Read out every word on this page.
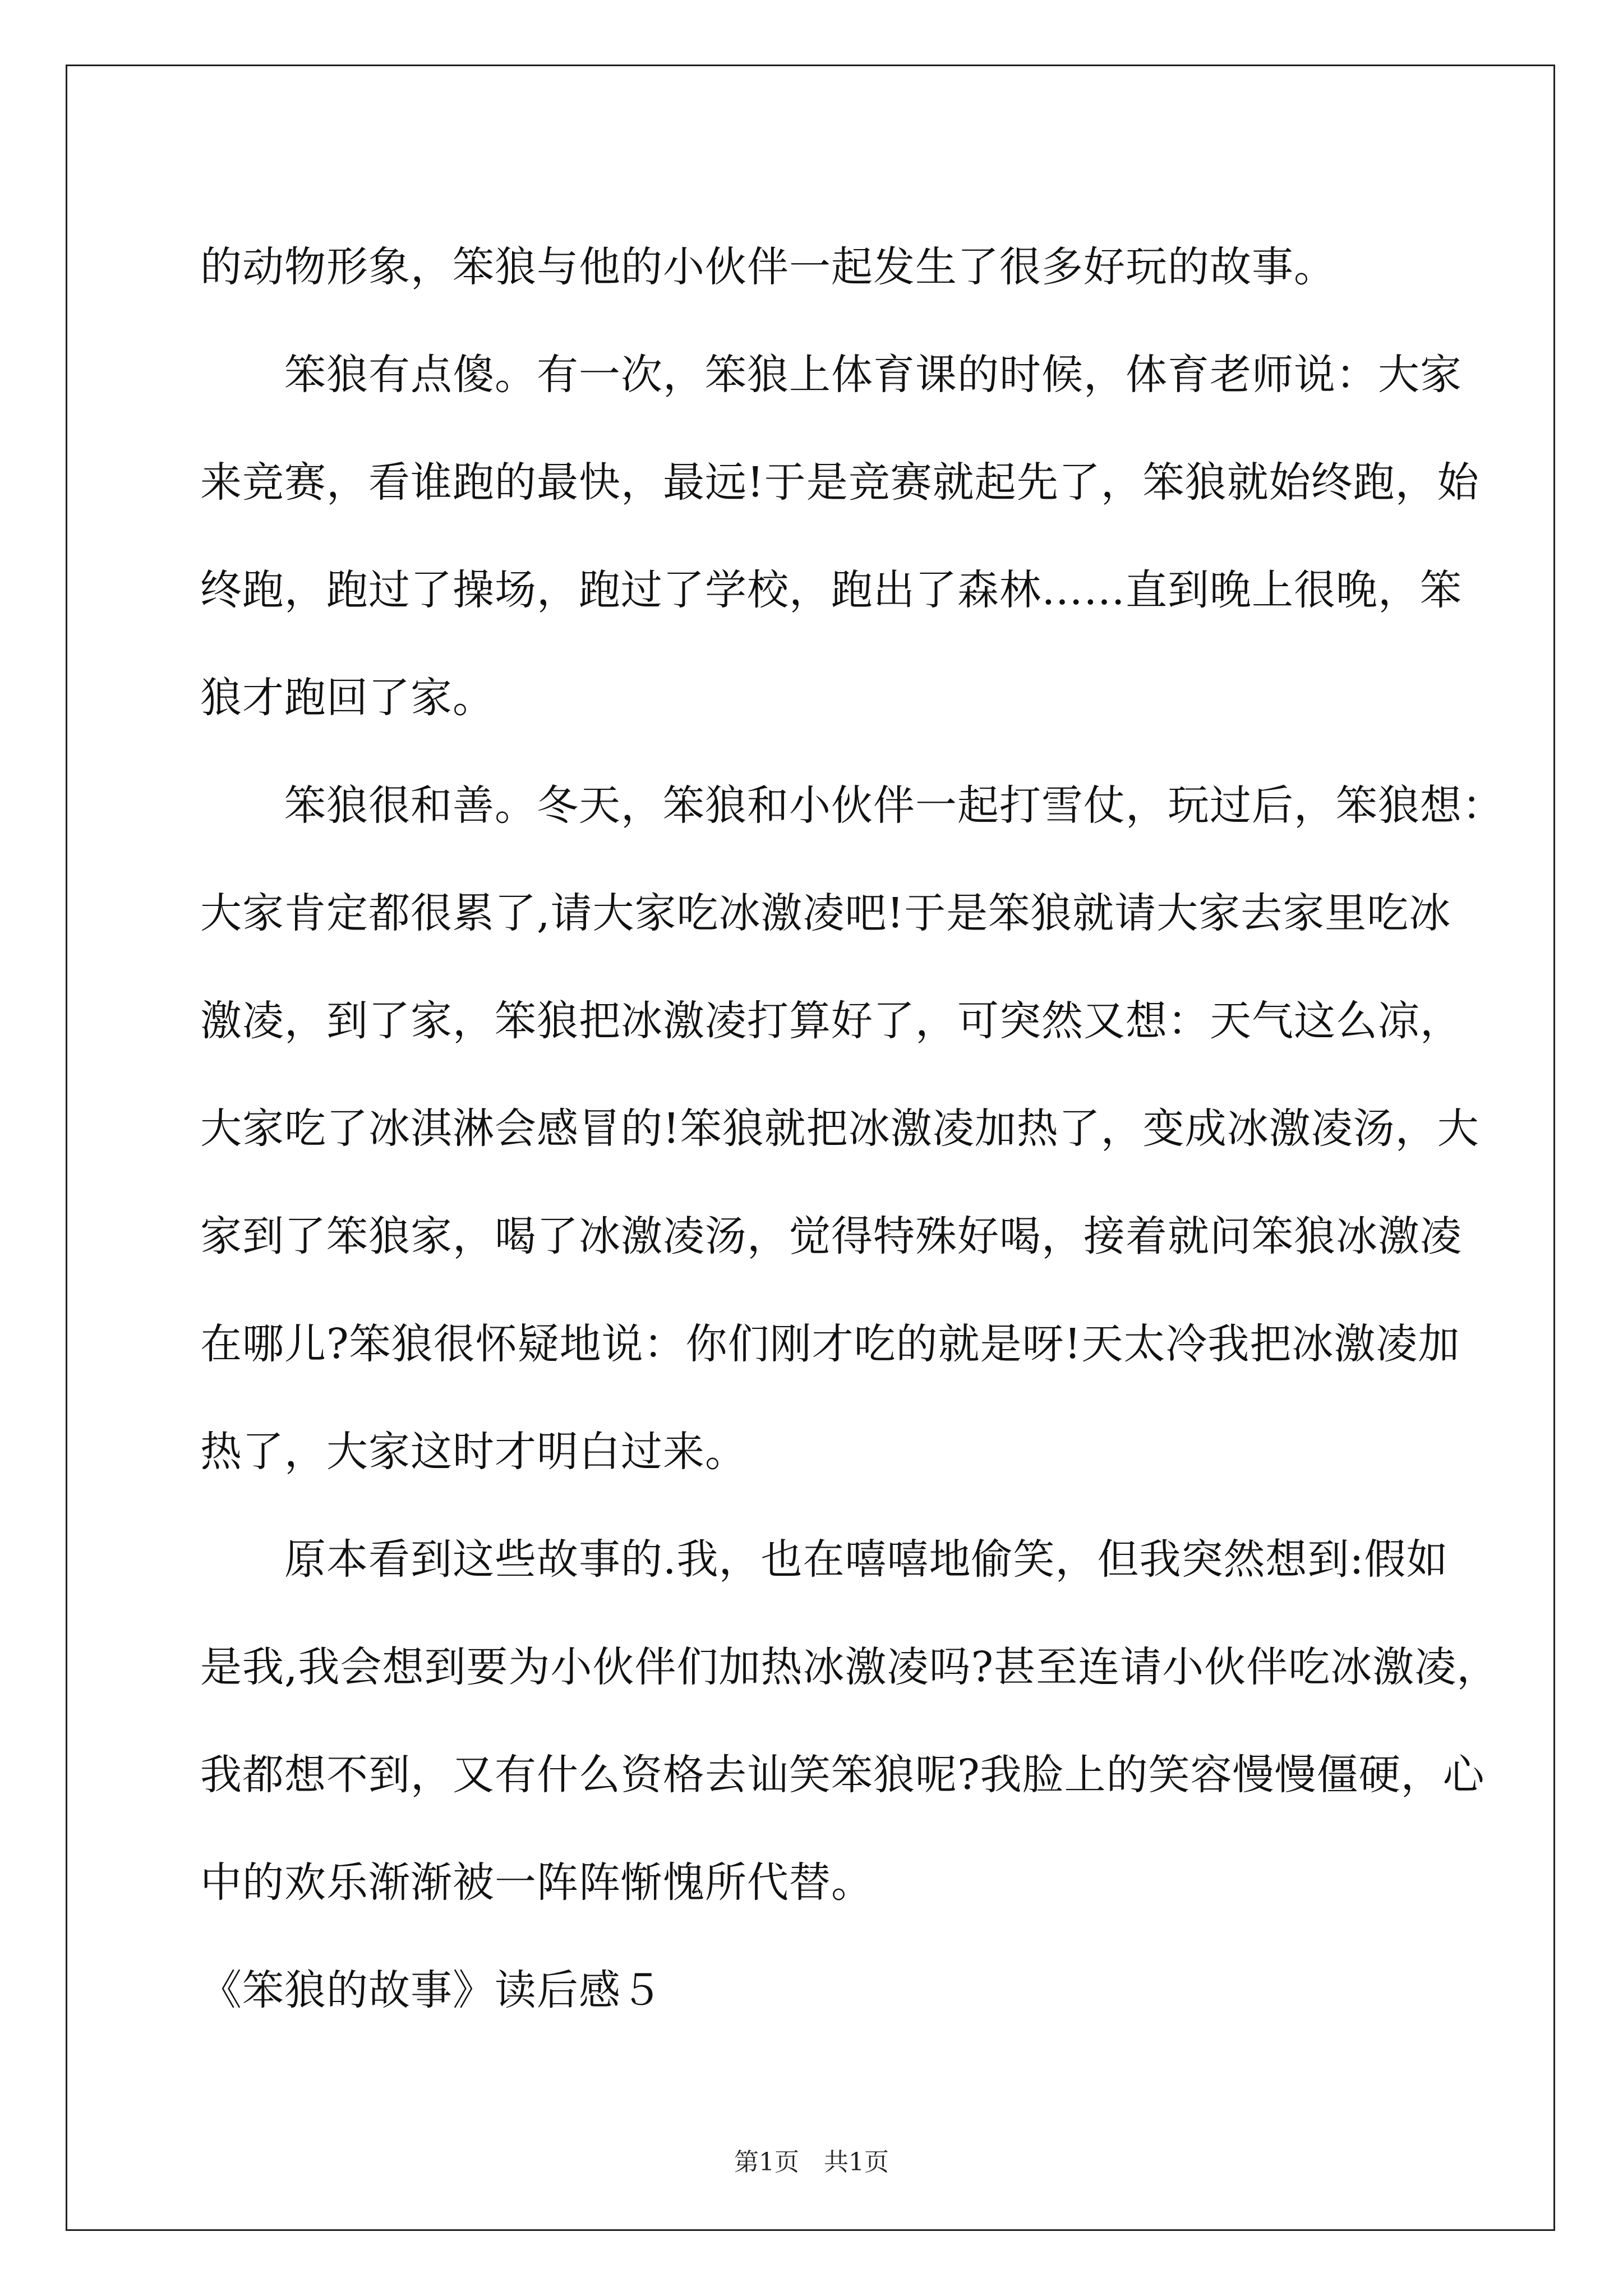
的动物形象，笨狼与他的小伙伴一起发生了很多好玩的故事。
　　笨狼有点傻。有一次，笨狼上体育课的时候，体育老师说：大家
来竞赛，看谁跑的最快，最远!于是竞赛就起先了，笨狼就始终跑，始
终跑，跑过了操场，跑过了学校，跑出了森林……直到晚上很晚，笨
狼才跑回了家。
　　笨狼很和善。冬天，笨狼和小伙伴一起打雪仗，玩过后，笨狼想：
大家肯定都很累了,请大家吃冰激凌吧!于是笨狼就请大家去家里吃冰
激凌，到了家，笨狼把冰激凌打算好了，可突然又想：天气这么凉，
大家吃了冰淇淋会感冒的!笨狼就把冰激凌加热了，变成冰激凌汤，大
家到了笨狼家，喝了冰激凌汤，觉得特殊好喝，接着就问笨狼冰激凌
在哪儿?笨狼很怀疑地说：你们刚才吃的就是呀!天太冷我把冰激凌加
热了，大家这时才明白过来。
　　原本看到这些故事的.我，也在嘻嘻地偷笑，但我突然想到:假如
是我,我会想到要为小伙伴们加热冰激凌吗?甚至连请小伙伴吃冰激凌，
我都想不到，又有什么资格去讪笑笨狼呢?我脸上的笑容慢慢僵硬，心
中的欢乐渐渐被一阵阵惭愧所代替。
《笨狼的故事》读后感５
第1页　共1页
